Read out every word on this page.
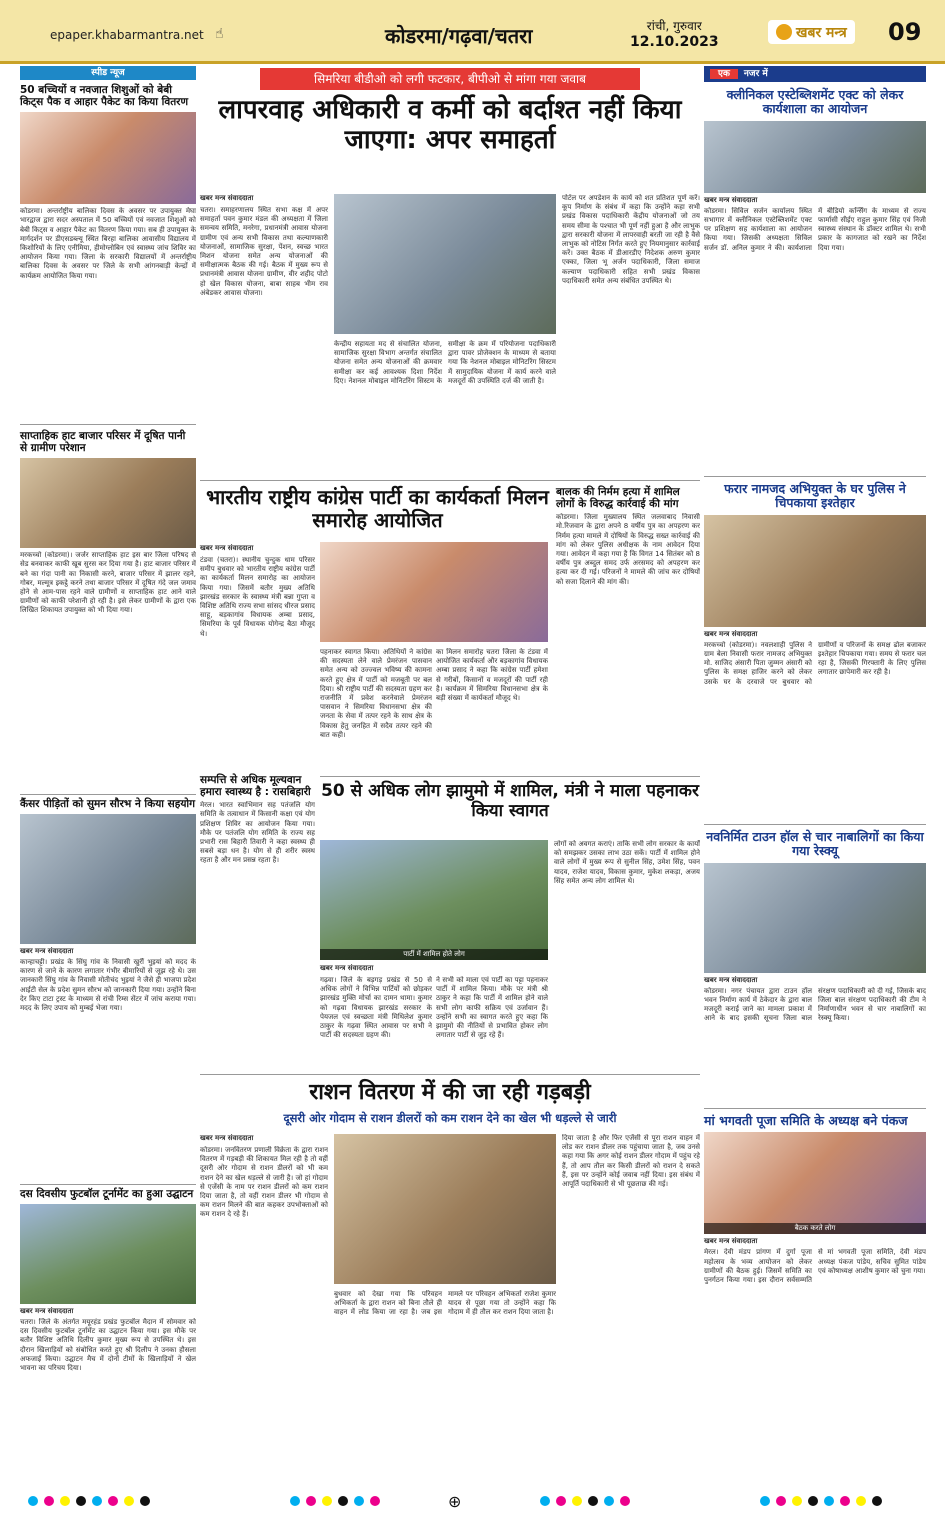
epaper.khabarmantra.net ☝	कोडरमा/गढ़वा/चतरा	रांची, गुरुवार
12.10.2023
खबर मन्त्र 09
स्पीड न्यूज
50 बच्चियों व नवजात शिशुओं को बेबी किट्स पैक व आहार पैकेट का किया वितरण
कोडरमा। अन्तर्राष्ट्रीय बालिका दिवस के अवसर पर उपायुक्त मेघा भारद्वाज द्वारा सदर अस्पताल में 50 बच्चियों एवं नवजात शिशुओं को बेबी किट्स व आहार पैकेट का वितरण किया गया। सब ही उपायुक्त के मार्गदर्शन पर डीएसडब्ल्यू स्थित बिरहा बालिका आवासीय विद्यालय में किशोरियों के लिए एनीमिया, हीमोग्लोबिन एवं स्वास्थ्य जांच शिविर का आयोजन किया गया। जिला के सरकारी विद्यालयों में अन्तर्राष्ट्रीय बालिका दिवस के अवसर पर जिले के सभी आंगनबाड़ी केन्द्रों में कार्यक्रम आयोजित किया गया।
साप्ताहिक हाट बाजार परिसर में दूषित पानी से ग्रामीण परेशान
मरकच्चो (कोडरमा)। जर्जर साप्ताहिक हाट इस बार जिला परिषद से सेड बनवाकर काफी खूब सुरस कर दिया गया है। हाट बाजार परिसर में बने का गंदा पानी का निकासी करने, बाजार परिसर में झालर रहने, गोबर, मल्मूत्र इकट्ठे करने तथा बाजार परिसर में दूषित गंदे जल जमाव होने से आम-पास रहने वाले ग्रामीणों व साप्ताहिक हाट आने वाले ग्रामीणों को काफी परेशानी हो रही है। इसे लेकर ग्रामीणों के द्वारा एक लिखित शिकायत उपायुक्त को भी दिया गया।
कैंसर पीड़ितों को सुमन सौरभ ने किया सहयोग
खबर मन्त्र संवाददाता
कान्हाचट्टी। प्रखंड के सिंघु गांव के निवासी खुर्री भुइयां को मदद के कारण से जाने के कारण लगातार गंभीर बीमारियों से जूझ रहे थे। उस जानकारी सिंघु गांव के निवासी मोतीचंद भुइयां ने जैसे ही भाजपा प्रदेश आईटी सेल के प्रदेश सुमन सौरभ को जानकारी दिया गया। उन्होंने बिना देर किए टाटा ट्रस्ट के माध्यम से रांची रिम्स सेंटर में जांच कराया गया। मदद के लिए उपाय को मुम्बई भेजा गया।
दस दिवसीय फुटबॉल टूर्नामेंट का हुआ उद्घाटन
खबर मन्त्र संवाददाता
चतरा। जिले के अंतर्गत मयूरहंड प्रखंड फुटबॉल मैदान में सोमवार को दस दिवसीय फुटबॉल टूर्नामेंट का उद्घाटन किया गया। इस मौके पर बतौर विशिष्ट अतिथि दिलीप कुमार मुख्य रूप से उपस्थित थे। इस दौरान खिलाड़ियों को संबोधित करते हुए श्री दिलीप ने उनका हौसला अफजाई किया। उद्घाटन मैच में दोनों टीमों के खिलाड़ियों ने खेल भावना का परिचय दिया।
सिमरिया बीडीओ को लगी फटकार, बीपीओ से मांगा गया जवाब
लापरवाह अधिकारी व कर्मी को बर्दाश्त नहीं किया जाएगा: अपर समाहर्ता
खबर मन्त्र संवाददाता
चतरा। समाहरणालय स्थित सभा कक्ष में अपर समाहर्ता पवन कुमार मंडल की अध्यक्षता में जिला समन्वय समिति, मनरेगा, प्रधानमंत्री आवास योजना ग्रामीण एवं अन्य सभी विकास तथा कल्याणकारी योजनाओं, सामाजिक सुरक्षा, पेंशन, स्वच्छ भारत मिशन योजना समेत अन्य योजनाओं की समीक्षात्मक बैठक की गई। बैठक में मुख्य रूप से प्रधानमंत्री आवास योजना ग्रामीण, वीर शहीद पोटो हो खेल विकास योजना, बाबा साहब भीम राव अंबेडकर आवास योजना।
केन्द्रीय सहायता मद से संचालित योजना, सामाजिक सुरक्षा विभाग अन्तर्गत संचालित योजना समेत अन्य योजनाओं की क्रमवार समीक्षा कर कई आवश्यक दिशा निर्देश दिए। नेशनल मोबाइल मोनिटरिंग सिस्टम के समीक्षा के क्रम में परियोजना पदाधिकारी द्वारा पावर प्रोजेक्शन के माध्यम से बताया गया कि नेशनल मोबाइल मोनिटरिंग सिस्टम में सामुदायिक योजना में कार्य करने वाले मजदूरों की उपस्थिति दर्ज की जाती है।
पोर्टल पर अपडेशन के कार्य को शत प्रतिशत पूर्ण करें। कूप निर्माण के संबंध में कहा कि उन्होंने कहा सभी प्रखंड विकास पदाधिकारी केंद्रीय योजनाओं जो तय समय सीमा के पश्चात भी पूर्ण नहीं हुआ है और लाभुक द्वारा सरकारी योजना में लापरवाही बरती जा रही है वैसे लाभुक को नोटिस निर्गत करते हुए नियमानुसार कार्रवाई करें। उक्त बैठक में डीआरडीए निदेशक अरुण कुमार एक्का, जिला भू अर्जन पदाधिकारी, जिला समाज कल्याण पदाधिकारी सहित सभी प्रखंड विकास पदाधिकारी समेत अन्य संबंधित उपस्थित थे।
भारतीय राष्ट्रीय कांग्रेस पार्टी का कार्यकर्ता मिलन समारोह आयोजित
खबर मन्त्र संवाददाता
टंडवा (चतरा)। स्थानीय चुन्दुक धाम परिसर समीप बुधवार को भारतीय राष्ट्रीय कांग्रेस पार्टी का कार्यकर्ता मिलन समारोह का आयोजन किया गया। जिसमें बतौर मुख्य अतिथि झारखंड सरकार के स्वास्थ्य मंत्री बन्ना गुप्ता व विशिष्ट अतिथि राज्य सभा सांसद धीरज प्रसाद साहू, बड़कागांव विधायक अम्बा प्रसाद, सिमरिया के पूर्व विधायक योगेन्द्र बैठा मौजूद थे।
पहनाकर स्वागत किया। अतिथियों ने कांग्रेस की सदस्यता लेने वाले प्रेमरंजन पासवान समेत अन्य को उज्ज्वल भविष्य की कामना करते हुए क्षेत्र में पार्टी को मजबूती पर बल दिया। श्री राष्ट्रीय पार्टी की सदस्यता ग्रहण कर राजनीति में प्रवेश करनेवाले प्रेमरंजन पासवान ने सिमरिया विधानसभा क्षेत्र की जनता के सेवा में तत्पर रहने के साथ क्षेत्र के विकास हेतु जनहित में सदैव तत्पर रहने की बात कही।
का मिलन समारोह चतरा जिला के टंडवा में आयोजित कार्यकर्ता और बड़कागांव विधायक अम्बा प्रसाद ने कहा कि कांग्रेस पार्टी हमेशा से गरीबों, किसानों व मजदूरों की पार्टी रही है। कार्यक्रम में सिमरिया विधानसभा क्षेत्र के बड़ी संख्या में कार्यकर्ता मौजूद थे।
बालक की निर्मम हत्या में शामिल लोगों के विरुद्ध कार्रवाई की मांग
कोडरमा। जिला मुख्यालय स्थित जलवाबाद निवासी मो.रिजवान के द्वारा अपने 8 वर्षीय पुत्र का अपहरण कर निर्मम हत्या मामले में दोषियों के विरुद्ध सख्त कार्रवाई की मांग को लेकर पुलिस अधीक्षक के नाम आवेदन दिया गया। आवेदन में कहा गया है कि विगत 14 सितंबर को 8 वर्षीय पुत्र अब्दुल समद उर्फ अरसमद को अपहरण कर हत्या कर दी गई। परिजनों ने मामले की जांच कर दोषियों को सजा दिलाने की मांग की।
सम्पत्ति से अधिक मूल्यवान हमारा स्वास्थ्य है : रासबिहारी
मेरल। भारत स्वाभिमान सह पतंजलि योग समिति के तत्वाधान में किसानी कक्षा एवं योग प्रशिक्षण शिविर का आयोजन किया गया। मौके पर पतंजलि योग समिति के राज्य सह प्रभारी रास बिहारी तिवारी ने कहा स्वस्थ्य ही सबसे बड़ा धन है। योग से ही शरीर स्वस्थ रहता है और मन प्रसन्न रहता है।
50 से अधिक लोग झामुमो में शामिल, मंत्री ने माला पहनाकर किया स्वागत
पार्टी में शामिल होते लोग
लोगों को अवगत कराएं। ताकि सभी लोग सरकार के कार्यों को समझकर उसका लाभ उठा सकें। पार्टी में शामिल होने वाले लोगों में मुख्य रूप से सुनील सिंह, उमेश सिंह, पवन यादव, राजेश यादव, विकास कुमार, मुकेश लकड़ा, अजय सिंह समेत अन्य लोग शामिल थे।
खबर मन्त्र संवाददाता
गढ़वा। जिले के बड़गड़ प्रखंड से 50 से अधिक लोगों ने विभिन्न पार्टियों को छोड़कर झारखंड मुक्ति मोर्चा का दामन थामा। कुमार को गढ़वा विधायक झारखंड सरकार के पेयजल एवं स्वच्छता मंत्री मिथिलेश कुमार ठाकुर के गढ़वा स्थित आवास पर सभी ने पार्टी की सदस्यता ग्रहण की।
ने सभी को माला एवं पार्टी का पट्टा पहनाकर पार्टी में शामिल किया। मौके पर मंत्री श्री ठाकुर ने कहा कि पार्टी में शामिल होने वाले सभी लोग काफी सक्रिय एवं उर्जावान हैं। उन्होंने सभी का स्वागत करते हुए कहा कि झामुमो की नीतियों से प्रभावित होकर लोग लगातार पार्टी से जुड़ रहे हैं।
राशन वितरण में की जा रही गड़बड़ी
दूसरी ओर गोदाम से राशन डीलरों को कम राशन देने का खेल भी धड़ल्ले से जारी
खबर मन्त्र संवाददाता
कोडरमा। जनवितरण प्रणाली विक्रेता के द्वारा राशन वितरण में गड़बड़ी की शिकायत मिल रही है तो वहीं दूसरी ओर गोदाम से राशन डीलरों को भी कम राशन देने का खेल धड़ल्ले से जारी है। जो हां गोदाम से एजेंसी के नाम पर राशन डीलरों को कम राशन दिया जाता है, तो वहीं राशन डीलर भी गोदाम से कम राशन मिलने की बात कहकर उपभोक्ताओं को कम राशन दे रहे हैं।
बुधवार को देखा गया कि परिवहन अभिकर्ता के द्वारा राशन को बिना तौले ही वाहन में लोड किया जा रहा है। जब इस मामले पर परिवहन अभिकर्ता राजेश कुमार यादव से पूछा गया तो उन्होंने कहा कि गोदाम में ही तौल कर राशन दिया जाता है।
दिया जाता है और फिर एजेंसी से पूरा राशन वाहन में लोड कर राशन डीलर तक पहुंचाया जाता है, जब उनसे कहा गया कि अगर कोई राशन डीलर गोदाम में पहुंच रहे हैं, तो आप तौल कर किसी डीलरों को राशन दे सकते हैं, इस पर उन्होंने कोई जवाब नहीं दिया। इस संबंध में आपूर्ति पदाधिकारी से भी पूछताछ की गई।
एक नजर में
क्लीनिकल एस्टेब्लिशमेंट एक्ट को लेकर कार्यशाला का आयोजन
खबर मन्त्र संवाददाता
कोडरमा। सिविल सर्जन कार्यालय स्थित सभागार में क्लीनिकल एस्टेब्लिशमेंट एक्ट पर प्रशिक्षण सह कार्यशाला का आयोजन किया गया। जिसकी अध्यक्षता सिविल सर्जन डॉ. अनिल कुमार ने की। कार्यशाला में बीडियो कर्न्सिंग के माध्यम से राज्य फार्मासी सीईए राहुल कुमार सिंह एवं निजी स्वास्थ्य संस्थान के डॉक्टर शामिल थे। सभी प्रकार के कागजात को रखने का निर्देश दिया गया।
फरार नामजद अभियुक्त के घर पुलिस ने चिपकाया इश्तेहार
खबर मन्त्र संवाददाता
मरकच्चो (कोडरमा)। नवलशाही पुलिस ने ग्राम बेला निवासी फरार नामजद अभियुक्त मो. साजिद अंसारी पिता जुम्मन अंसारी को पुलिस के समक्ष हाजिर करने को लेकर उसके घर के दरवाजे पर बुधवार को ग्रामीणों व परिजनों के समक्ष ढोल बजाकर इश्तेहार चिपकाया गया। समय से फरार चल रहा है, जिसकी गिरफ्तारी के लिए पुलिस लगातार छापेमारी कर रही है।
नवनिर्मित टाउन हॉल से चार नाबालिगों का किया गया रेस्क्यू
खबर मन्त्र संवाददाता
कोडरमा। नगर पंचायत द्वारा टाउन हॉल भवन निर्माण कार्य में ठेकेदार के द्वारा बाल मजदूरी कराई जाने का मामला प्रकाश में आने के बाद इसकी सूचना जिला बाल संरक्षण पदाधिकारी को दी गई, जिसके बाद जिला बाल संरक्षण पदाधिकारी की टीम ने निर्माणाधीन भवन से चार नाबालिगों का रेस्क्यू किया।
मां भगवती पूजा समिति के अध्यक्ष बने पंकज
बैठक करते लोग
खबर मन्त्र संवाददाता
मेरल। देवी मंडप प्रांगण में दुर्गा पूजा महोत्सव के भव्य आयोजन को लेकर ग्रामीणों की बैठक हुई। जिसमें समिति का पुनर्गठन किया गया। इस दौरान सर्वसम्मति से मां भगवती पूजा समिति, देवी मंडप अध्यक्ष पंकज पांडेय, सचिव सुमित पांडेय एवं कोषाध्यक्ष आशीष कुमार को चुना गया।
⊕
